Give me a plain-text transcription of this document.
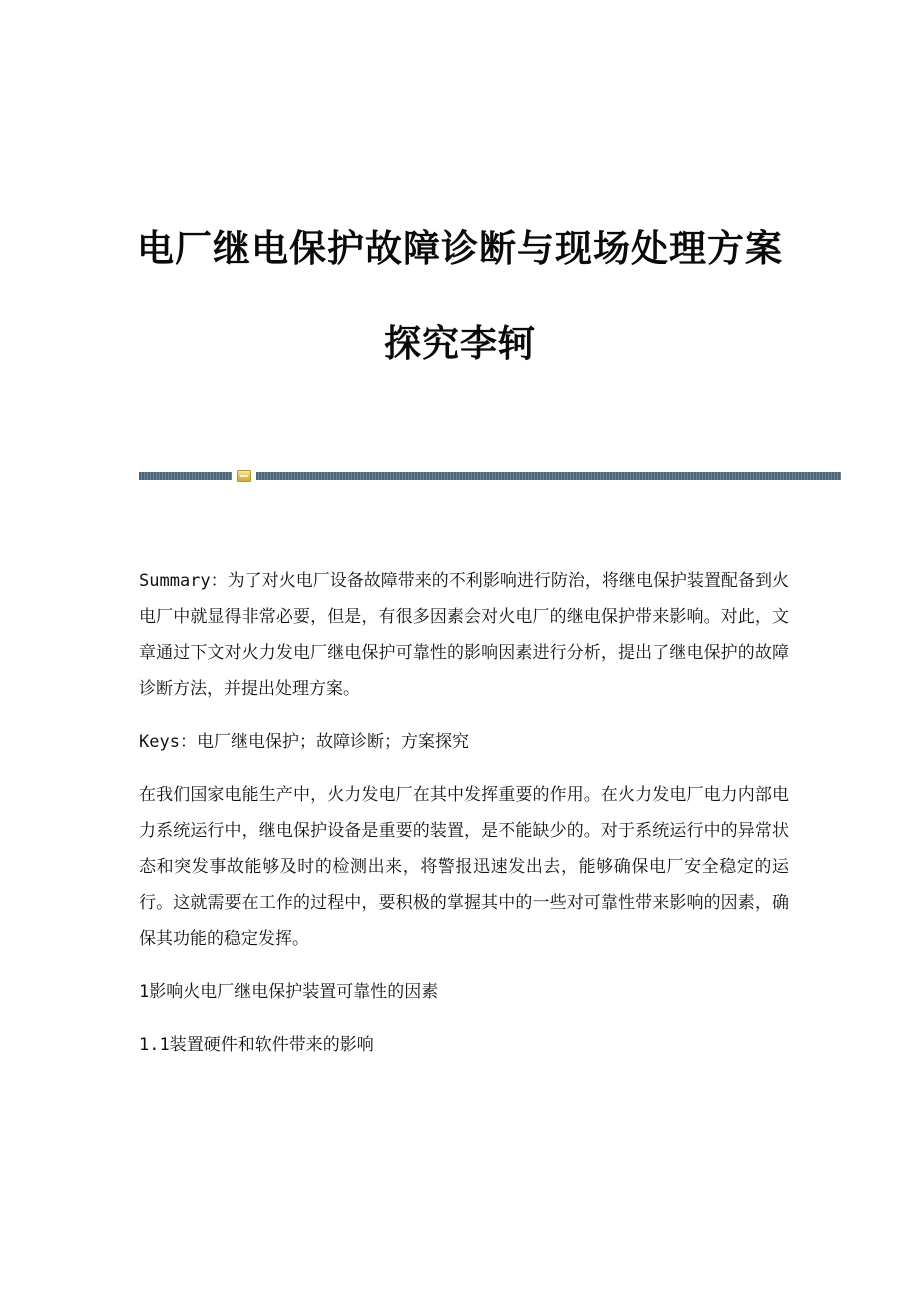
电厂继电保护故障诊断与现场处理方案
探究李轲

Summary：为了对火电厂设备故障带来的不利影响进行防治，将继电保护装置配备到火电厂中就显得非常必要，但是，有很多因素会对火电厂的继电保护带来影响。对此，文章通过下文对火力发电厂继电保护可靠性的影响因素进行分析，提出了继电保护的故障诊断方法，并提出处理方案。

Keys：电厂继电保护；故障诊断；方案探究

在我们国家电能生产中，火力发电厂在其中发挥重要的作用。在火力发电厂电力内部电力系统运行中，继电保护设备是重要的装置，是不能缺少的。对于系统运行中的异常状态和突发事故能够及时的检测出来，将警报迅速发出去，能够确保电厂安全稳定的运行。这就需要在工作的过程中，要积极的掌握其中的一些对可靠性带来影响的因素，确保其功能的稳定发挥。

1影响火电厂继电保护装置可靠性的因素

1.1装置硬件和软件带来的影响
